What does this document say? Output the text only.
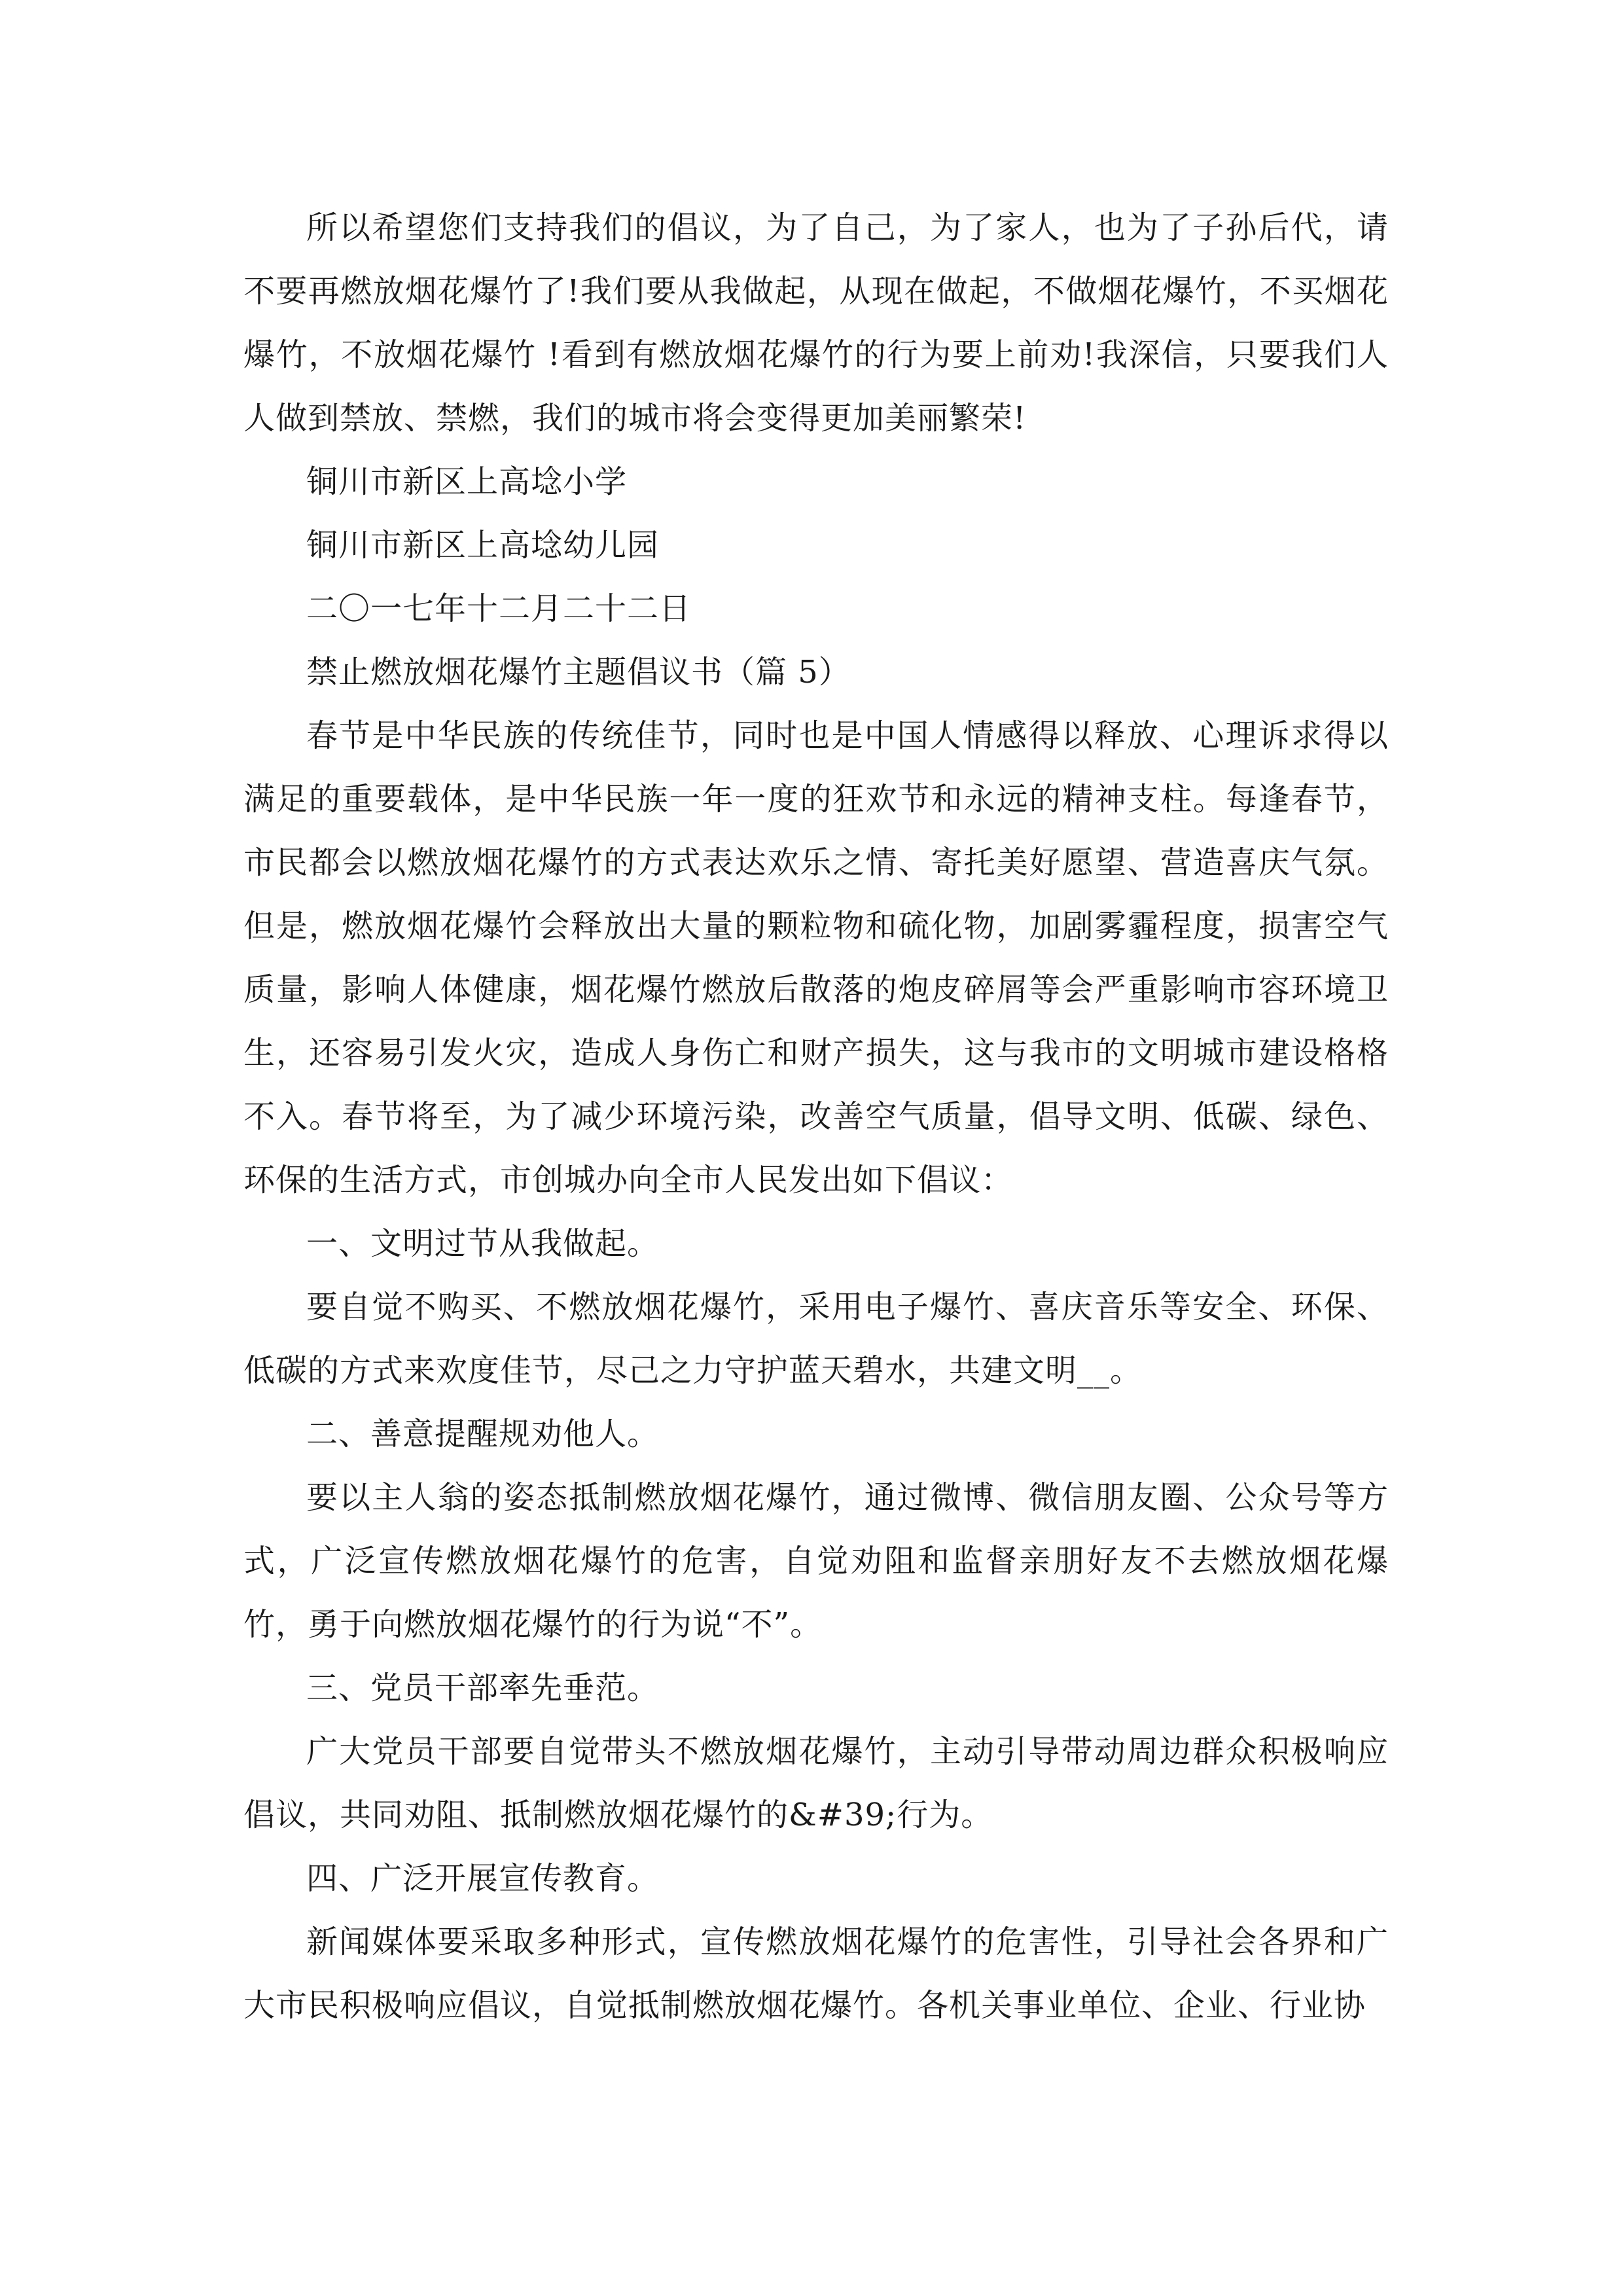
所以希望您们支持我们的倡议，为了自己，为了家人，也为了子孙后代，请不要再燃放烟花爆竹了!我们要从我做起，从现在做起，不做烟花爆竹，不买烟花爆竹，不放烟花爆竹 !看到有燃放烟花爆竹的行为要上前劝!我深信，只要我们人人做到禁放、禁燃，我们的城市将会变得更加美丽繁荣!

铜川市新区上高埝小学

铜川市新区上高埝幼儿园

二〇一七年十二月二十二日

禁止燃放烟花爆竹主题倡议书（篇 5）

春节是中华民族的传统佳节，同时也是中国人情感得以释放、心理诉求得以满足的重要载体，是中华民族一年一度的狂欢节和永远的精神支柱。每逢春节，市民都会以燃放烟花爆竹的方式表达欢乐之情、寄托美好愿望、营造喜庆气氛。但是，燃放烟花爆竹会释放出大量的颗粒物和硫化物，加剧雾霾程度，损害空气质量，影响人体健康，烟花爆竹燃放后散落的炮皮碎屑等会严重影响市容环境卫生，还容易引发火灾，造成人身伤亡和财产损失，这与我市的文明城市建设格格不入。春节将至，为了减少环境污染，改善空气质量，倡导文明、低碳、绿色、环保的生活方式，市创城办向全市人民发出如下倡议：

一、文明过节从我做起。

要自觉不购买、不燃放烟花爆竹，采用电子爆竹、喜庆音乐等安全、环保、低碳的方式来欢度佳节，尽己之力守护蓝天碧水，共建文明__。

二、善意提醒规劝他人。

要以主人翁的姿态抵制燃放烟花爆竹，通过微博、微信朋友圈、公众号等方式，广泛宣传燃放烟花爆竹的危害，自觉劝阻和监督亲朋好友不去燃放烟花爆竹，勇于向燃放烟花爆竹的行为说“不”。

三、党员干部率先垂范。

广大党员干部要自觉带头不燃放烟花爆竹，主动引导带动周边群众积极响应倡议，共同劝阻、抵制燃放烟花爆竹的&#39;行为。

四、广泛开展宣传教育。

新闻媒体要采取多种形式，宣传燃放烟花爆竹的危害性，引导社会各界和广大市民积极响应倡议，自觉抵制燃放烟花爆竹。各机关事业单位、企业、行业协
